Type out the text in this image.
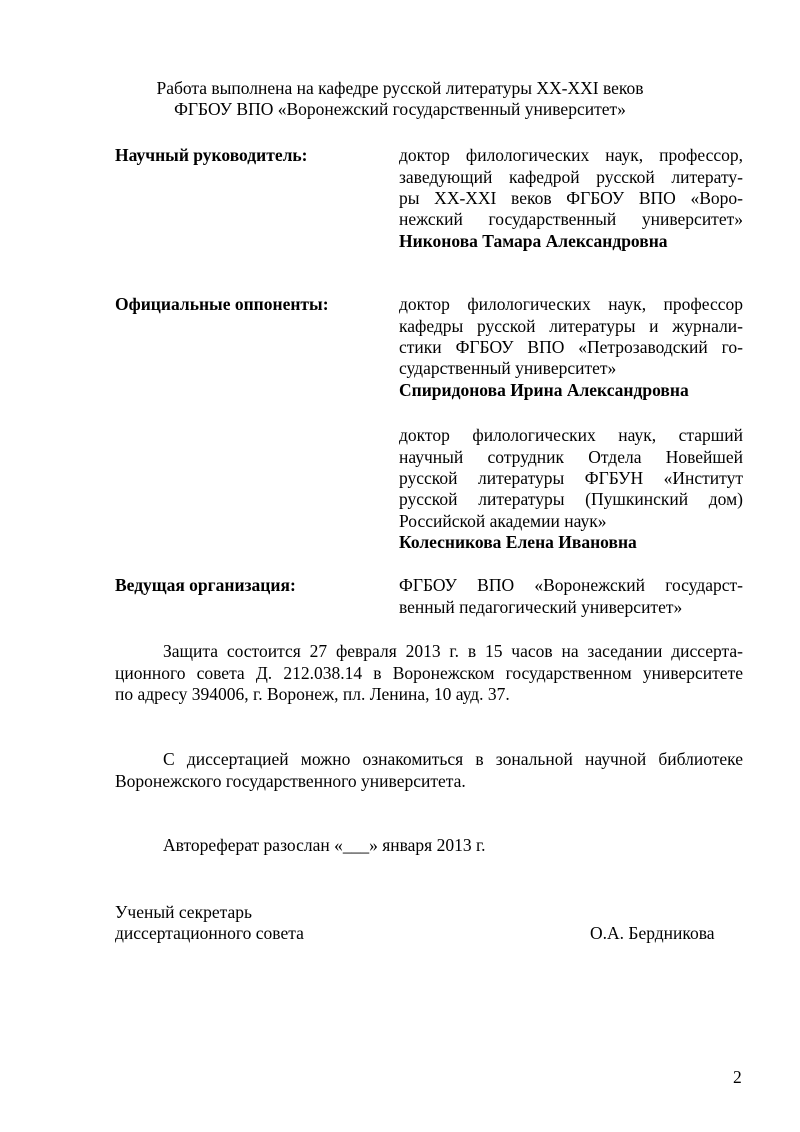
Работа выполнена на кафедре русской литературы XX-XXI веков
ФГБОУ ВПО «Воронежский государственный университет»
Научный руководитель:	доктор филологических наук, профессор,
заведующий кафедрой русской литерату-
ры XX-XXI веков ФГБОУ ВПО «Воро-
нежский государственный университет»
Никонова Тамара Александровна
Официальные оппоненты:	доктор филологических наук, профессор
кафедры русской литературы и журнали-
стики ФГБОУ ВПО «Петрозаводский го-
сударственный университет»
Спиридонова Ирина Александровна
доктор филологических наук, старший
научный сотрудник Отдела Новейшей
русской литературы ФГБУН «Институт
русской литературы (Пушкинский дом)
Российской академии наук»
Колесникова Елена Ивановна
Ведущая организация:	ФГБОУ ВПО «Воронежский государст-
венный педагогический университет»
Защита состоится 27 февраля 2013 г. в 15 часов на заседании диссерта-
ционного совета Д. 212.038.14 в Воронежском государственном университете
по адресу 394006, г. Воронеж, пл. Ленина, 10 ауд. 37.
С диссертацией можно ознакомиться в зональной научной библиотеке
Воронежского государственного университета.
Автореферат разослан «___» января 2013 г.
Ученый секретарь
диссертационного совета	О.А. Бердникова
2
